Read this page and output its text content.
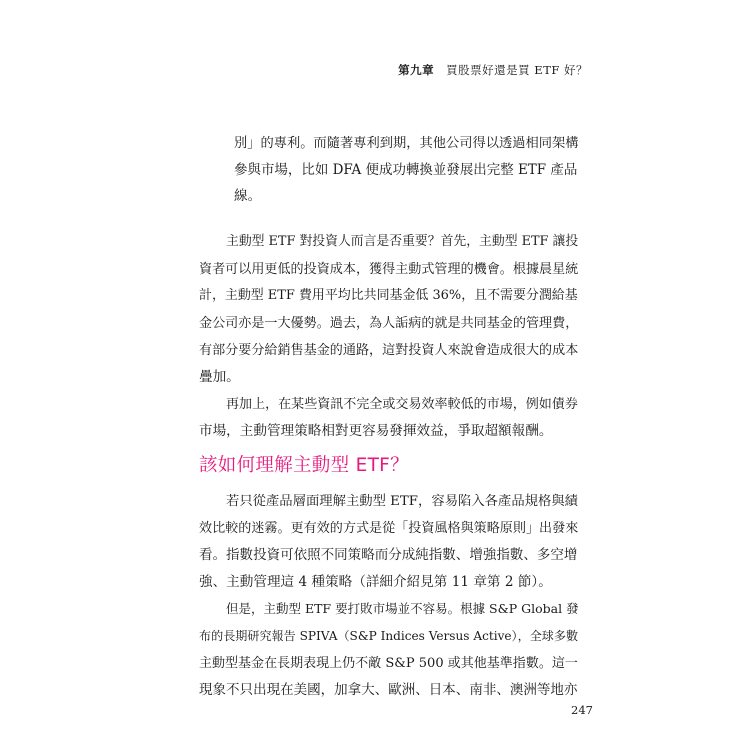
第九章 買股票好還是買 ETF 好？
別」的專利。而隨著專利到期，其他公司得以透過相同架構
參與市場，比如 DFA 便成功轉換並發展出完整 ETF 產品
線。
主動型 ETF 對投資人而言是否重要？首先，主動型 ETF 讓投
資者可以用更低的投資成本，獲得主動式管理的機會。根據晨星統
計，主動型 ETF 費用平均比共同基金低 36%，且不需要分潤給基
金公司亦是一大優勢。過去，為人詬病的就是共同基金的管理費，
有部分要分給銷售基金的通路，這對投資人來說會造成很大的成本
疊加。
再加上，在某些資訊不完全或交易效率較低的市場，例如債券
市場，主動管理策略相對更容易發揮效益，爭取超額報酬。
該如何理解主動型 ETF？
若只從產品層面理解主動型 ETF，容易陷入各產品規格與績
效比較的迷霧。更有效的方式是從「投資風格與策略原則」出發來
看。指數投資可依照不同策略而分成純指數、增強指數、多空增
強、主動管理這 4 種策略（詳細介紹見第 11 章第 2 節）。
但是，主動型 ETF 要打敗市場並不容易。根據 S&P Global 發
布的長期研究報告 SPIVA（S&P Indices Versus Active），全球多數
主動型基金在長期表現上仍不敵 S&P 500 或其他基準指數。這一
現象不只出現在美國，加拿大、歐洲、日本、南非、澳洲等地亦
247
